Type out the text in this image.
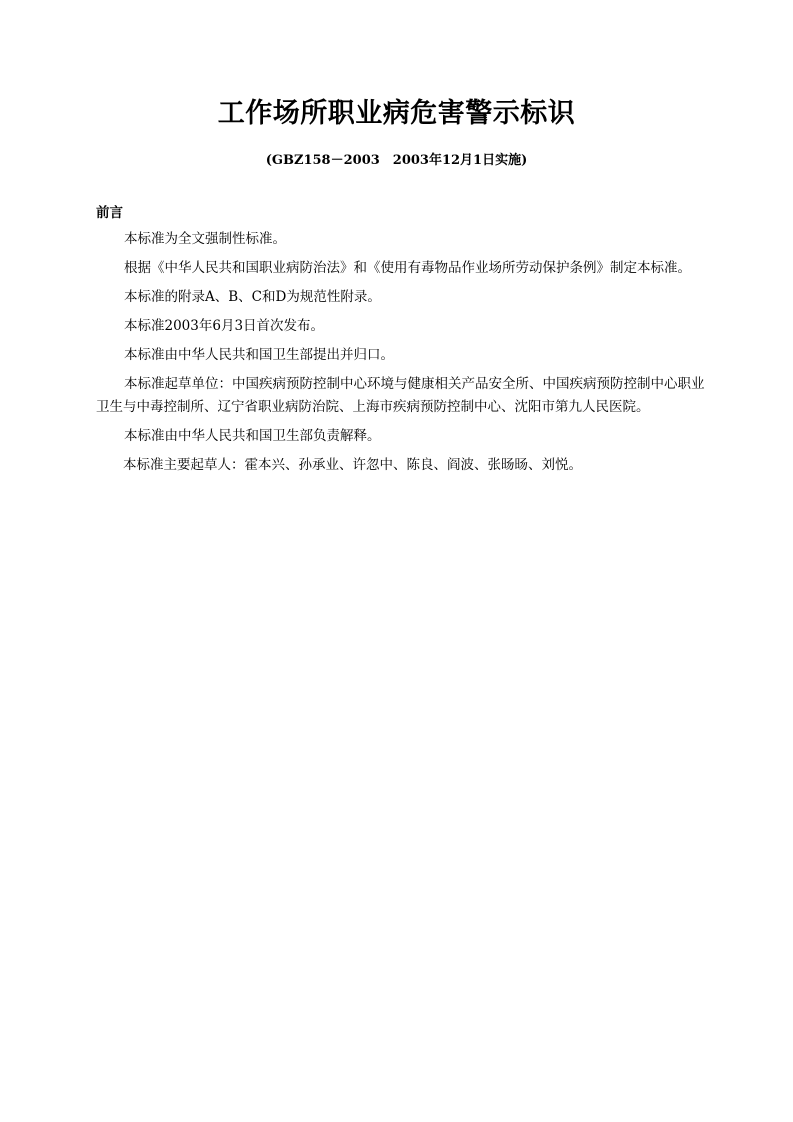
工作场所职业病危害警示标识

(GBZ158－2003　2003年12月1日实施)

前言

本标准为全文强制性标准。

根据《中华人民共和国职业病防治法》和《使用有毒物品作业场所劳动保护条例》制定本标准。

本标准的附录A、B、C和D为规范性附录。

本标准2003年6月3日首次发布。

本标准由中华人民共和国卫生部提出并归口。

本标准起草单位：中国疾病预防控制中心环境与健康相关产品安全所、中国疾病预防控制中心职业卫生与中毒控制所、辽宁省职业病防治院、上海市疾病预防控制中心、沈阳市第九人民医院。

本标准由中华人民共和国卫生部负责解释。

本标准主要起草人：霍本兴、孙承业、许忽中、陈良、阎波、张旸旸、刘悦。
